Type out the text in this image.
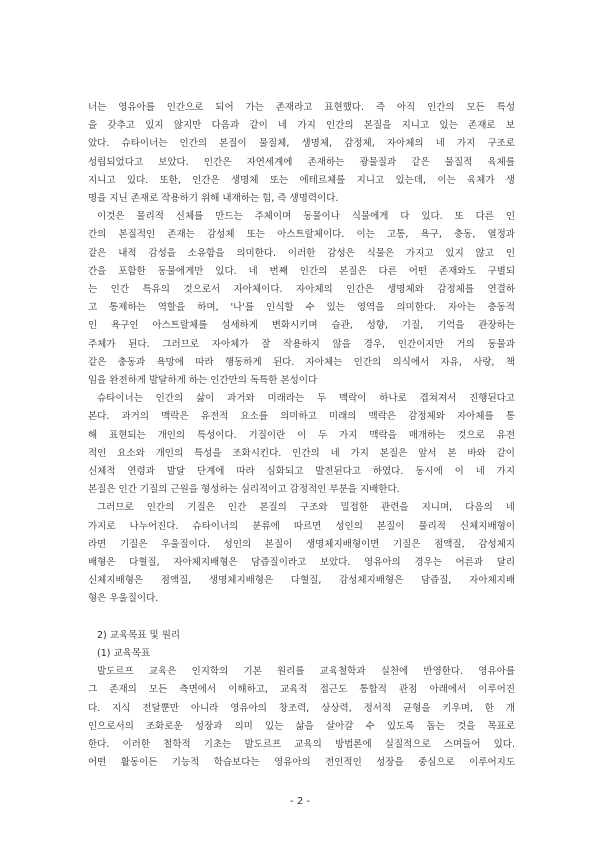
너는 영유아를 인간으로 되어 가는 존재라고 표현했다. 즉 아직 인간의 모든 특성
을 갖추고 있지 않지만 다음과 같이 네 가지 인간의 본질을 지니고 있는 존재로 보
았다. 슈타이너는 인간의 본질이 물질체, 생명체, 감정체, 자아체의 네 가지 구조로
성립되었다고 보았다. 인간은 자연세계에 존재하는 광물질과 같은 물질적 육체를
지니고 있다. 또한, 인간은 생명체 또는 에테르체를 지니고 있는데, 이는 육체가 생
명을 지닌 존재로 작용하기 위해 내재하는 힘, 즉 생명력이다.

이것은 물리적 신체를 만드는 주체이며 동물이나 식물에게 다 있다. 또 다른 인
간의 본질적인 존재는 감성체 또는 아스트랄체이다. 이는 고통, 욕구, 충동, 열정과
같은 내적 감성을 소유함을 의미한다. 이러한 감성은 식물은 가지고 있지 않고 인
간을 포함한 동물에게만 있다. 네 번째 인간의 본질은 다른 어떤 존재와도 구별되
는 인간 특유의 것으로서 자아체이다. 자아체의 인간은 생명체와 감정체를 연결하
고 통제하는 역할을 하며, '나'를 인식할 수 있는 영역을 의미한다. 자아는 충동적
인 욕구인 아스트랄체를 섬세하게 변화시키며 습관, 성향, 기질, 기억을 관장하는
주체가 된다. 그러므로 자아체가 잘 작용하지 않을 경우, 인간이지만 거의 동물과
같은 충동과 욕망에 따라 행동하게 된다. 자아체는 인간의 의식에서 자유, 사랑, 책
임을 완전하게 발달하게 하는 인간만의 독특한 본성이다

슈타이너는 인간의 삶이 과거와 미래라는 두 맥락이 하나로 겹쳐져서 진행된다고
본다. 과거의 맥락은 유전적 요소를 의미하고 미래의 맥락은 감정체와 자아체를 통
해 표현되는 개인의 특성이다. 기질이란 이 두 가지 맥락을 매개하는 것으로 유전
적인 요소와 개인의 특성을 조화시킨다. 인간의 네 가지 본질은 앞서 본 바와 같이
신체적 연령과 발달 단계에 따라 심화되고 발전된다고 하였다. 동시에 이 네 가지
본질은 인간 기질의 근원을 형성하는 심리적이고 감정적인 부분을 지배한다.

그러므로 인간의 기질은 인간 본질의 구조와 밀접한 관련을 지니며, 다음의 네
가지로 나누어진다. 슈타이너의 분류에 따르면 성인의 본질이 물리적 신체지배형이
라면 기질은 우울질이다. 성인의 본질이 생명체지배형이면 기질은 점액질, 감성체지
배형은 다혈질, 자아체지배형은 담즙질이라고 보았다. 영유아의 경우는 어른과 달리
신체지배형은 점액질, 생명체지배형은 다혈질, 감성체지배형은 담즙질, 자아체지배
형은 우울질이다.

2) 교육목표 및 원리

(1) 교육목표

발도르프 교육은 인지학의 기본 원리를 교육철학과 실천에 반영한다. 영유아를
그 존재의 모든 측면에서 이해하고, 교육적 접근도 통합적 관점 아래에서 이루어진
다. 지식 전달뿐만 아니라 영유아의 창조력, 상상력, 정서적 균형을 키우며, 한 개
인으로서의 조화로운 성장과 의미 있는 삶을 살아갈 수 있도록 돕는 것을 목표로
한다. 이러한 철학적 기초는 발도르프 교육의 방법론에 실질적으로 스며들어 있다.
어떤 활동이든 기능적 학습보다는 영유아의 전인적인 성장을 중심으로 이루어지도

- 2 -
